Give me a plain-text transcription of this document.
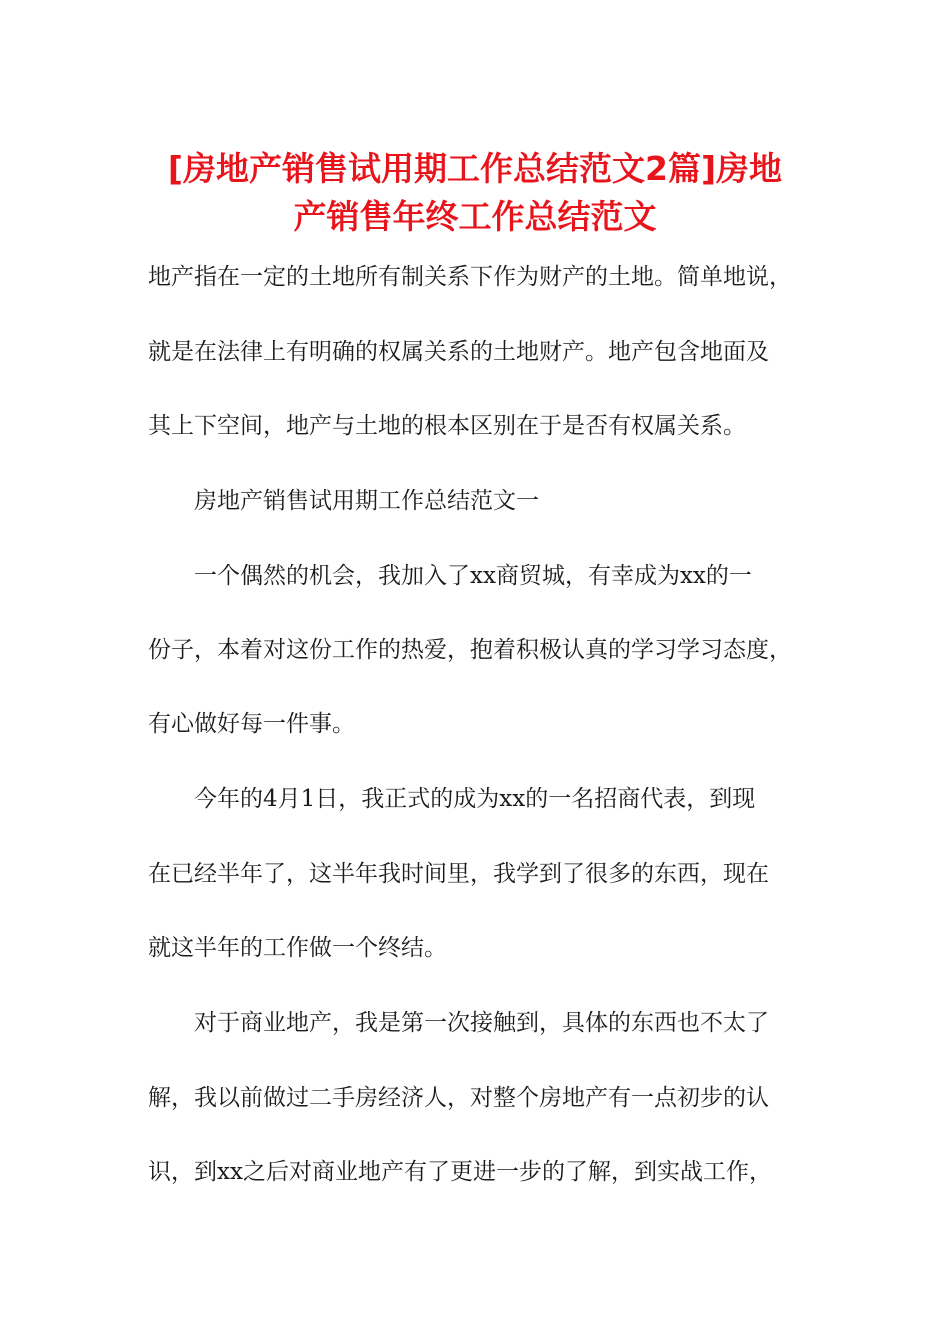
[房地产销售试用期工作总结范文2篇]房地
产销售年终工作总结范文
地产指在一定的土地所有制关系下作为财产的土地。简单地说，
就是在法律上有明确的权属关系的土地财产。地产包含地面及
其上下空间，地产与土地的根本区别在于是否有权属关系。
房地产销售试用期工作总结范文一
一个偶然的机会，我加入了xx商贸城，有幸成为xx的一
份子，本着对这份工作的热爱，抱着积极认真的学习学习态度，
有心做好每一件事。
今年的4月1日，我正式的成为xx的一名招商代表，到现
在已经半年了，这半年我时间里，我学到了很多的东西，现在
就这半年的工作做一个终结。
对于商业地产，我是第一次接触到，具体的东西也不太了
解，我以前做过二手房经济人，对整个房地产有一点初步的认
识，到xx之后对商业地产有了更进一步的了解，到实战工作，
